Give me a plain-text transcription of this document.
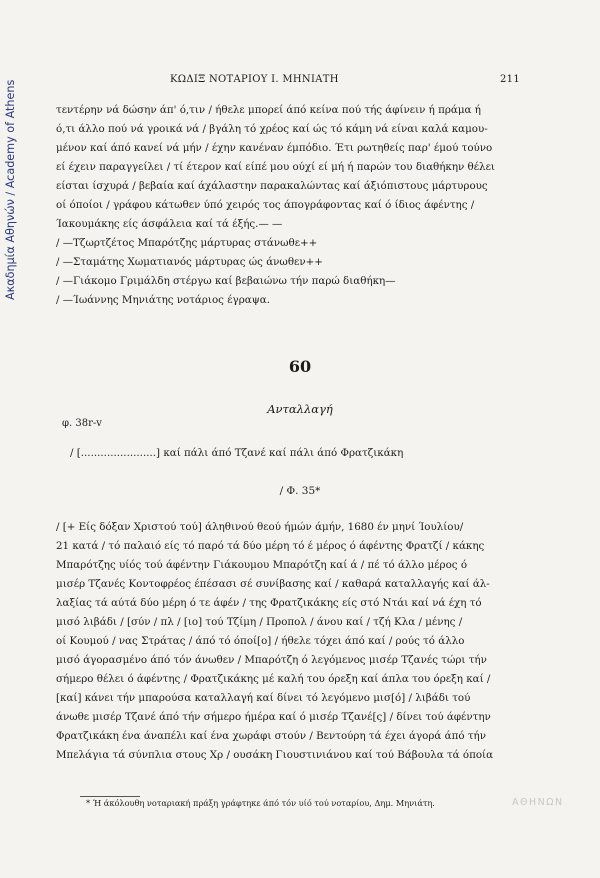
Ακαδημία Αθηνών / Academy of Athens
ΚΩΔΙΞ ΝΟΤΑΡΙΟΥ Ι. ΜΗΝΙΑΤΗ	211
τεντέρην νά δώσην άπ' ό,τιν / ήθελε μπορεί άπό κείνα πού τής άφίνειν ή πράμα ή
ό,τι άλλο πού νά γροικά νά / βγάλη τό χρέος καί ώς τό κάμη νά είναι καλά καμου-
μένον καί άπό κανεί νά μήν / έχην κανέναν έμπόδιο. Έτι ρωτηθείς παρ' έμού τούνο
εί έχειν παραγγείλει / τί έτερον καί είπέ μου ούχί εί μή ή παρών του διαθήκην θέλει
είσται ίσχυρά / βεβαία καί άχάλαστην παρακαλώντας καί άξιόπιστους μάρτυρους
οί όποίοι / γράφου κάτωθεν ύπό χειρός τος άπογράφοντας καί ό ίδιος άφέντης /
Ίακουμάκης είς άσφάλεια καί τά έξής.— —
/ —Τζωρτζέτος Μπαρότζης μάρτυρας στάνωθε++
/ —Σταμάτης Χωματιανός μάρτυρας ώς άνωθεν++
/ —Γιάκομο Γριμάλδη στέργω καί βεβαιώνω τήν παρώ διαθήκη—
/ —Ίωάννης Μηνιάτης νοτάριος έγραψα.
60
Ανταλλαγή
φ. 38r-v
/ [.......................] καί πάλι άπό Τζανέ καί πάλι άπό Φρατζικάκη
/ Φ. 35*
/ [+ Είς δόξαν Χριστού τού] άληθινού θεού ήμών άμήν, 1680 έν μηνί Ίουλίου/
21 κατά / τό παλαιό είς τό παρό τά δύο μέρη τό έ μέρος ό άφέντης Φρατζί / κάκης
Μπαρότζης υίός τού άφέντην Γιάκουμου Μπαρότζη καί ά / πέ τό άλλο μέρος ό
μισέρ Τζανές Κοντοφρέος έπέσασι σέ συνίβασης καί / καθαρά καταλλαγής καί άλ-
λαξίας τά αύτά δύο μέρη ό τε άφέν / της Φρατζικάκης είς στό Ντάι καί νά έχη τό
μισό λιβάδι / [σύν / πλ / [ιο] τού Τζίμη / Προπολ / άνου καί / τζή Κλα / μένης /
οί Κουμού / νας Στράτας / άπό τό όποί[ο] / ήθελε τόχει άπό καί / ρούς τό άλλο
μισό άγορασμένο άπό τόν άνωθεν / Μπαρότζη ό λεγόμενος μισέρ Τζανές τώρι τήν
σήμερο θέλει ό άφέντης / Φρατζικάκης μέ καλή του όρεξη καί άπλα του όρεξη καί /
[καί] κάνει τήν μπαρούσα καταλλαγή καί δίνει τό λεγόμενο μισ[ό] / λιβάδι τού
άνωθε μισέρ Τζανέ άπό τήν σήμερο ήμέρα καί ό μισέρ Τζανέ[ς] / δίνει τού άφέντην
Φρατζικάκη ένα άναπέλι καί ένα χωράφι στούν / Βεντούρη τά έχει άγορά άπό τήν
Μπελάγια τά σύνπλια στους Χρ / ουσάκη Γιουστινιάνου καί τού Βάβουλα τά όποία
* Ή άκόλουθη νοταριακή πράξη γράφτηκε άπό τόν υίό τού νοταρίου, Δημ. Μηνιάτη.	ΑΘΗΝΩΝ
